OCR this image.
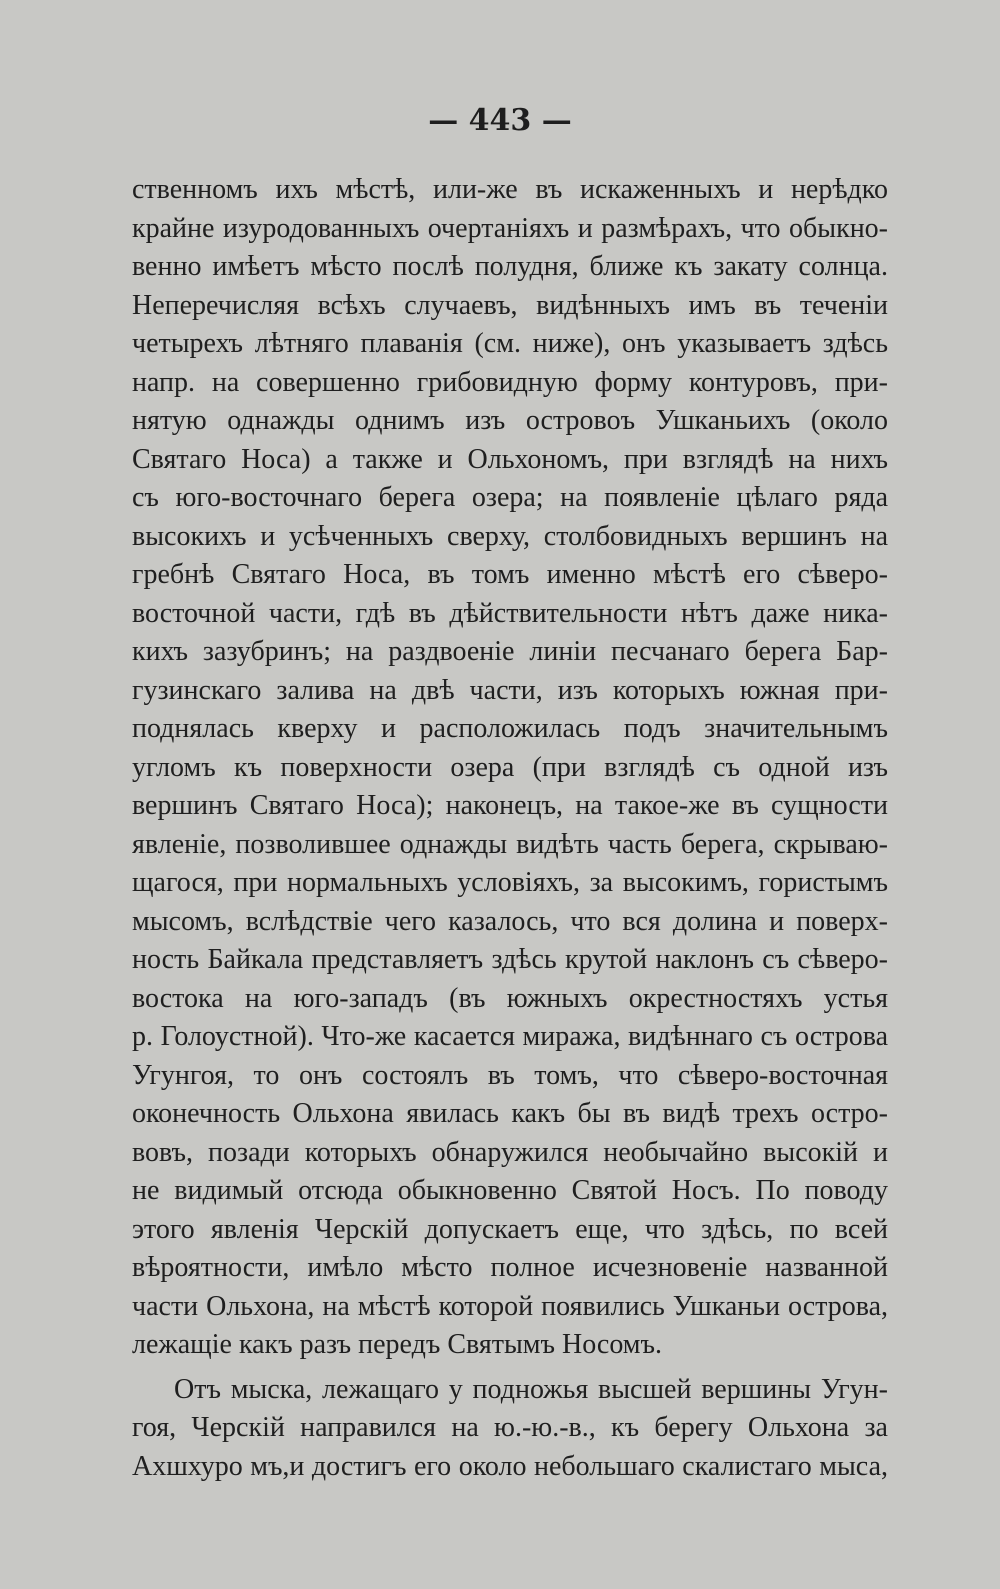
— 443 —
ственномъ ихъ мѣстѣ, или-же въ искаженныхъ и нерѣдко
крайне изуродованныхъ очертаніяхъ и размѣрахъ, что обыкно-
венно имѣетъ мѣсто послѣ полудня, ближе къ закату солнца.
Неперечисляя всѣхъ случаевъ, видѣнныхъ имъ въ теченіи
четырехъ лѣтняго плаванія (см. ниже), онъ указываетъ здѣсь
напр. на совершенно грибовидную форму контуровъ, при-
нятую однажды однимъ изъ островоъ Ушканьихъ (около
Святаго Носа) а также и Ольхономъ, при взглядѣ на нихъ
съ юго-восточнаго берега озера; на появленіе цѣлаго ряда
высокихъ и усѣченныхъ сверху, столбовидныхъ вершинъ на
гребнѣ Святаго Носа, въ томъ именно мѣстѣ его сѣверо-
восточной части, гдѣ въ дѣйствительности нѣтъ даже ника-
кихъ зазубринъ; на раздвоеніе линіи песчанаго берега Бар-
гузинскаго залива на двѣ части, изъ которыхъ южная при-
поднялась кверху и расположилась подъ значительнымъ
угломъ къ поверхности озера (при взглядѣ съ одной изъ
вершинъ Святаго Носа); наконецъ, на такое-же въ сущности
явленіе, позволившее однажды видѣть часть берега, скрываю-
щагося, при нормальныхъ условіяхъ, за высокимъ, гористымъ
мысомъ, вслѣдствіе чего казалось, что вся долина и поверх-
ность Байкала представляетъ здѣсь крутой наклонъ съ сѣверо-
востока на юго-западъ (въ южныхъ окрестностяхъ устья
р. Голоустной). Что-же касается миража, видѣннаго съ острова
Угунгоя, то онъ состоялъ въ томъ, что сѣверо-восточная
оконечность Ольхона явилась какъ бы въ видѣ трехъ остро-
вовъ, позади которыхъ обнаружился необычайно высокій и
не видимый отсюда обыкновенно Святой Носъ. По поводу
этого явленія Черскій допускаетъ еще, что здѣсь, по всей
вѣроятности, имѣло мѣсто полное исчезновеніе названной
части Ольхона, на мѣстѣ которой появились Ушканьи острова,
лежащіе какъ разъ передъ Святымъ Носомъ.
Отъ мыска, лежащаго у подножья высшей вершины Угун-
гоя, Черскій направился на ю.-ю.-в., къ берегу Ольхона за
Ахшхуро мъ,и достигъ его около небольшаго скалистаго мыса,
